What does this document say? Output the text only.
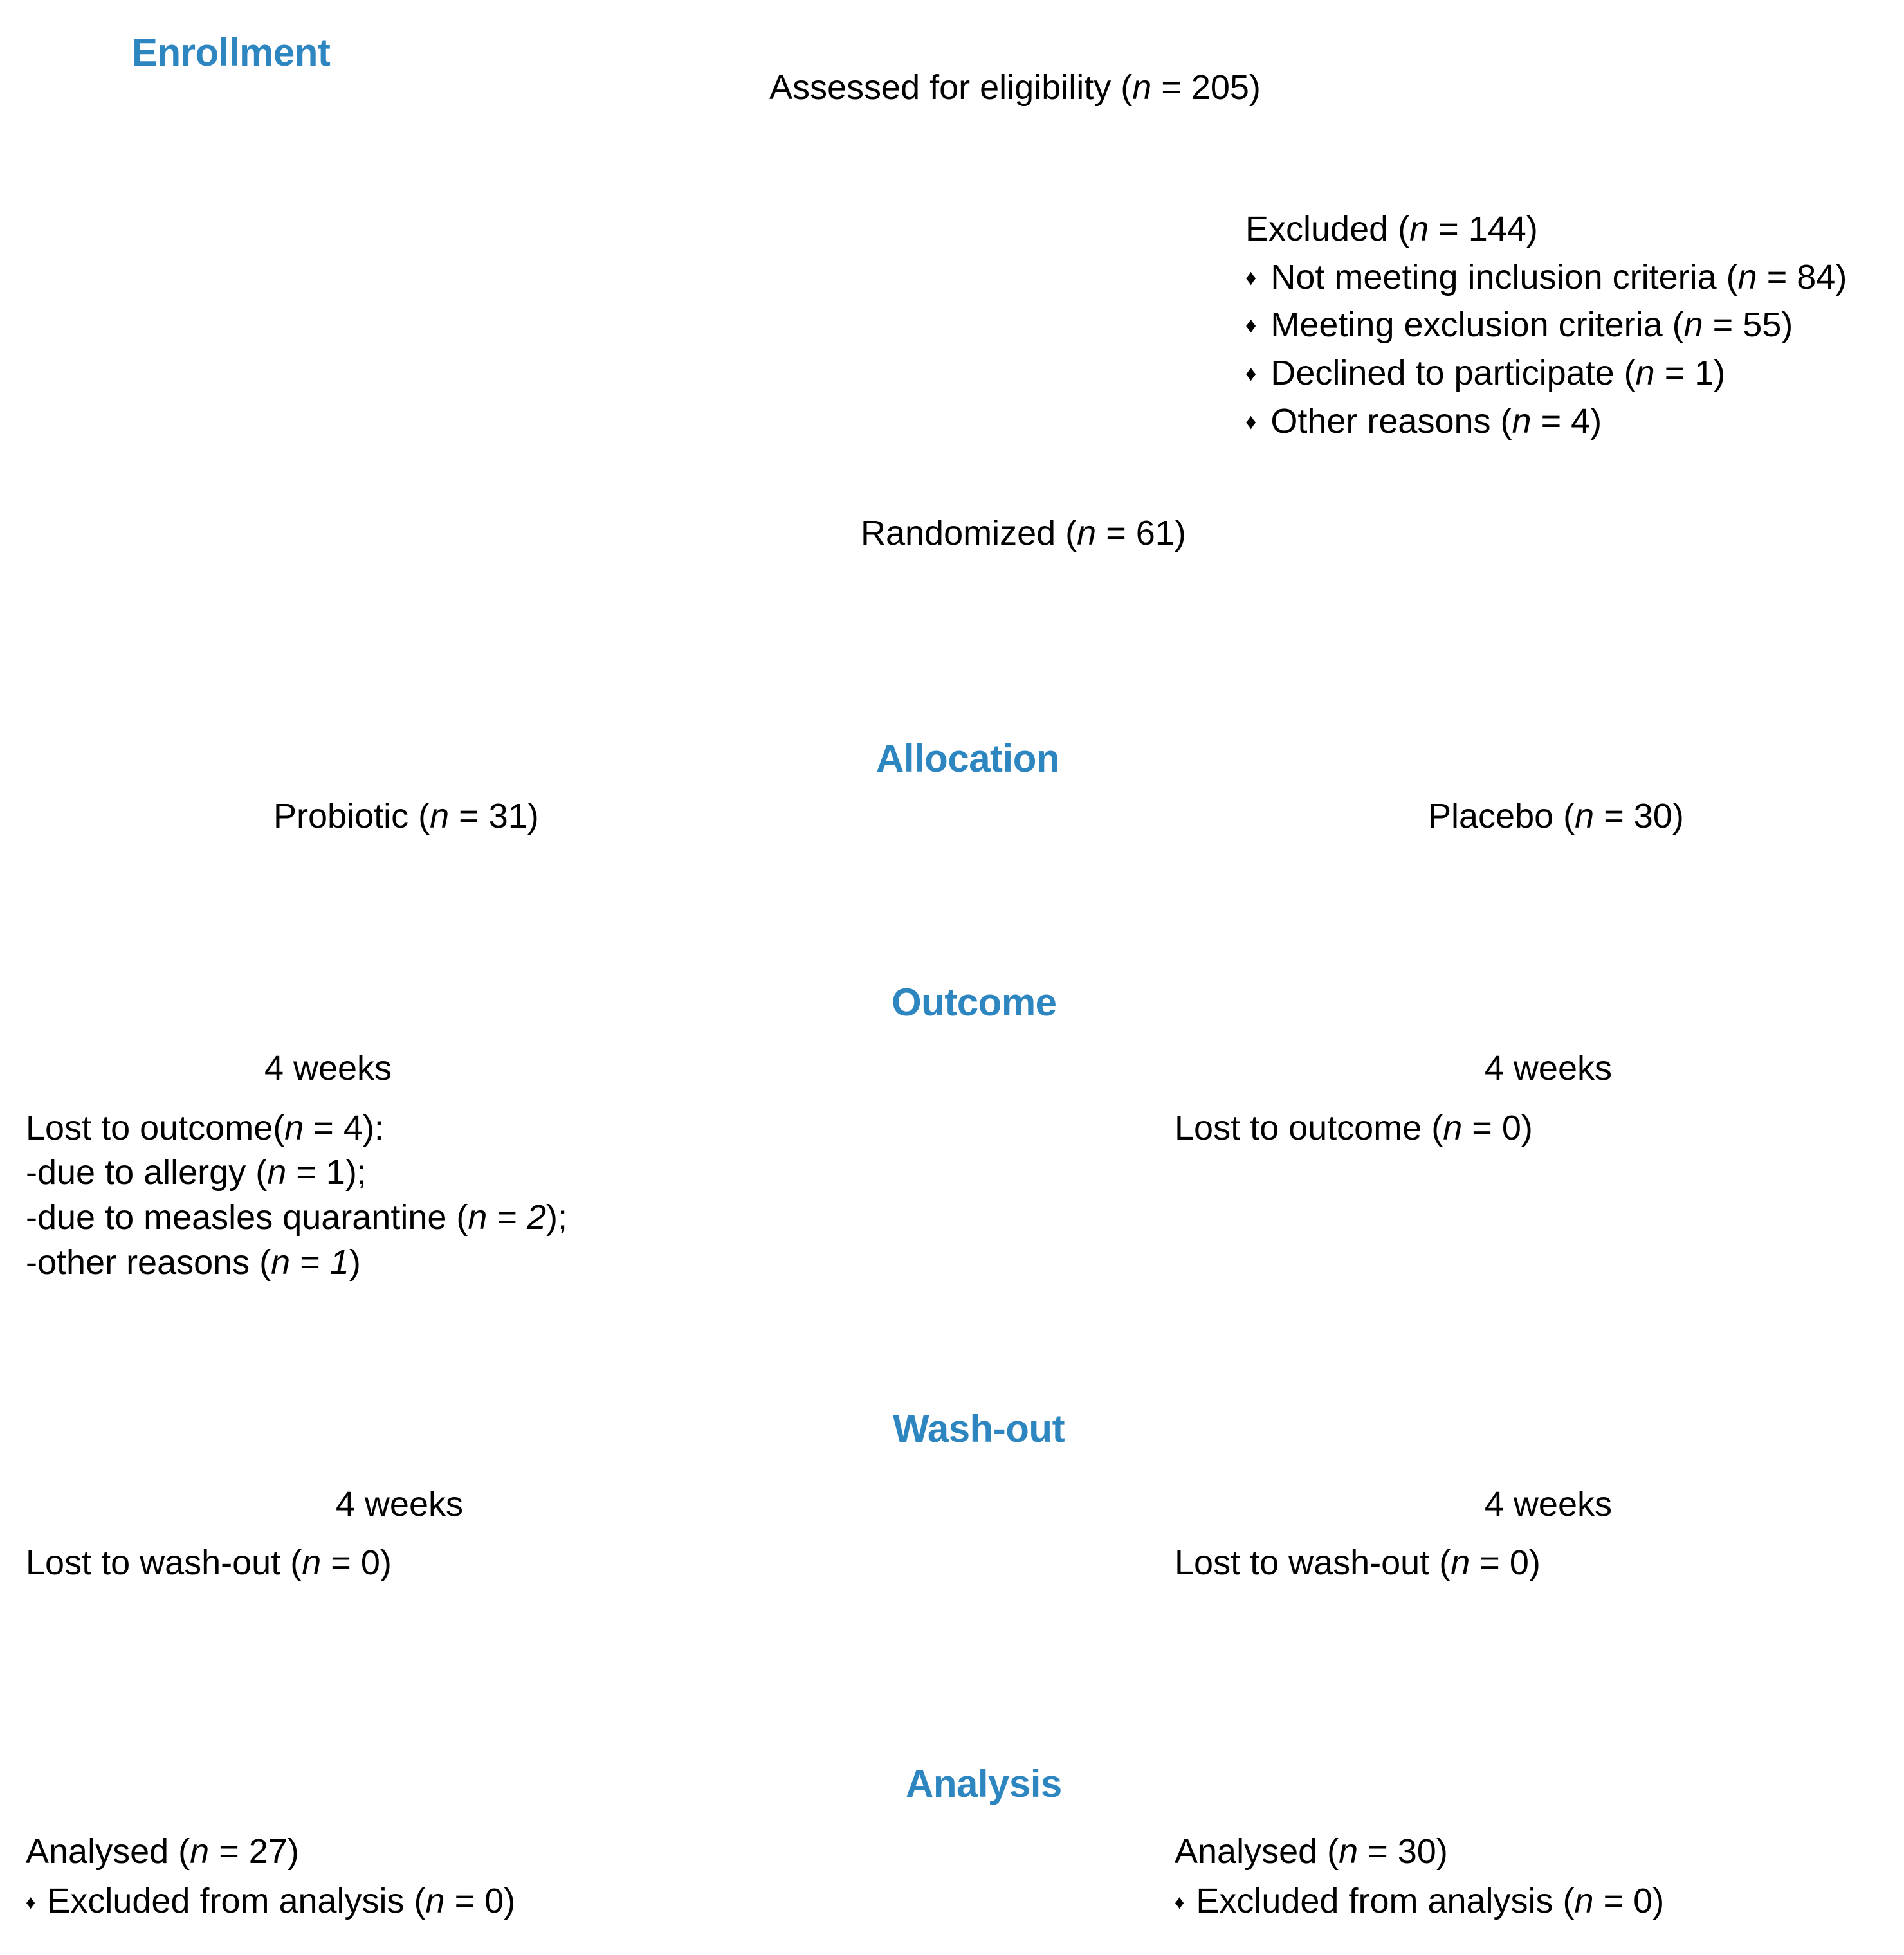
Enrollment
Assessed for eligibility (n = 205)
Excluded (n = 144)
♦ Not meeting inclusion criteria (n = 84)
♦ Meeting exclusion criteria (n = 55)
♦ Declined to participate (n = 1)
♦ Other reasons (n = 4)
Randomized (n = 61)
Allocation
Probiotic (n = 31)	Placebo (n = 30)
Outcome
4 weeks
Lost to outcome(n = 4):
-due to allergy (n = 1);
-due to measles quarantine (n = 2);
-other reasons (n = 1)
4 weeks
Lost to outcome (n = 0)
Wash-out
4 weeks
Lost to wash-out (n = 0)
4 weeks
Lost to wash-out (n = 0)
Analysis
Analysed (n = 27)
♦ Excluded from analysis (n = 0)
Analysed (n = 30)
♦ Excluded from analysis (n = 0)
